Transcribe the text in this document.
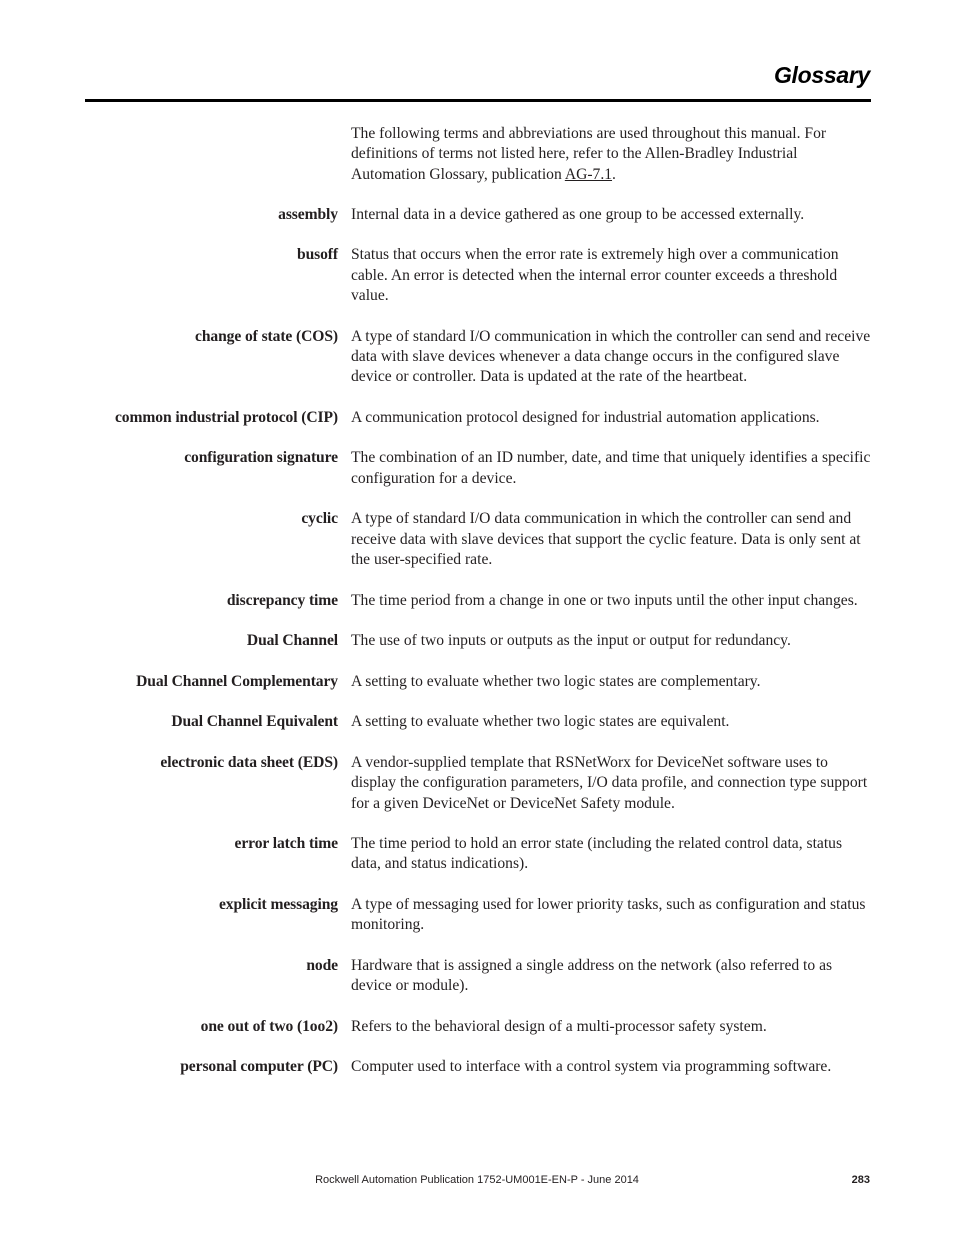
Glossary
The following terms and abbreviations are used throughout this manual. For definitions of terms not listed here, refer to the Allen-Bradley Industrial Automation Glossary, publication AG-7.1.
assembly Internal data in a device gathered as one group to be accessed externally.
busoff Status that occurs when the error rate is extremely high over a communication cable. An error is detected when the internal error counter exceeds a threshold value.
change of state (COS) A type of standard I/O communication in which the controller can send and receive data with slave devices whenever a data change occurs in the configured slave device or controller. Data is updated at the rate of the heartbeat.
common industrial protocol (CIP) A communication protocol designed for industrial automation applications.
configuration signature The combination of an ID number, date, and time that uniquely identifies a specific configuration for a device.
cyclic A type of standard I/O data communication in which the controller can send and receive data with slave devices that support the cyclic feature. Data is only sent at the user-specified rate.
discrepancy time The time period from a change in one or two inputs until the other input changes.
Dual Channel The use of two inputs or outputs as the input or output for redundancy.
Dual Channel Complementary A setting to evaluate whether two logic states are complementary.
Dual Channel Equivalent A setting to evaluate whether two logic states are equivalent.
electronic data sheet (EDS) A vendor-supplied template that RSNetWorx for DeviceNet software uses to display the configuration parameters, I/O data profile, and connection type support for a given DeviceNet or DeviceNet Safety module.
error latch time The time period to hold an error state (including the related control data, status data, and status indications).
explicit messaging A type of messaging used for lower priority tasks, such as configuration and status monitoring.
node Hardware that is assigned a single address on the network (also referred to as device or module).
one out of two (1oo2) Refers to the behavioral design of a multi-processor safety system.
personal computer (PC) Computer used to interface with a control system via programming software.
Rockwell Automation Publication 1752-UM001E-EN-P - June 2014	283
